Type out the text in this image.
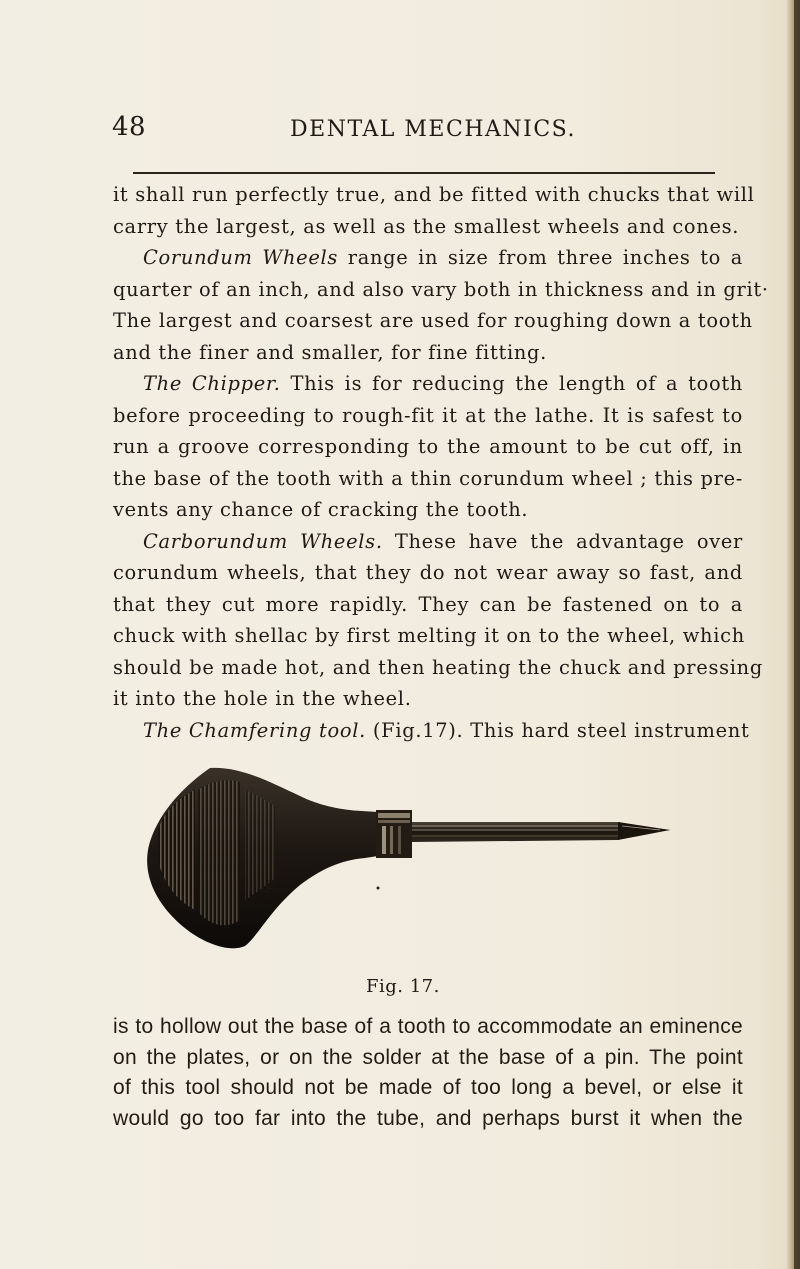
48	DENTAL MECHANICS.
it shall run perfectly true, and be fitted with chucks that will
carry the largest, as well as the smallest wheels and cones.
Corundum Wheels range in size from three inches to a
quarter of an inch, and also vary both in thickness and in grit·
The largest and coarsest are used for roughing down a tooth
and the finer and smaller, for fine fitting.
The Chipper. This is for reducing the length of a tooth
before proceeding to rough-fit it at the lathe. It is safest to
run a groove corresponding to the amount to be cut off, in
the base of the tooth with a thin corundum wheel ; this pre-
vents any chance of cracking the tooth.
Carborundum Wheels. These have the advantage over
corundum wheels, that they do not wear away so fast, and
that they cut more rapidly. They can be fastened on to a
chuck with shellac by first melting it on to the wheel, which
should be made hot, and then heating the chuck and pressing
it into the hole in the wheel.
The Chamfering tool. (Fig.17). This hard steel instrument
SO
Fig. 17.
is to hollow out the base of a tooth to accommodate an eminence
on the plates, or on the solder at the base of a pin. The point
of this tool should not be made of too long a bevel, or else it
would go too far into the tube, and perhaps burst it when the
